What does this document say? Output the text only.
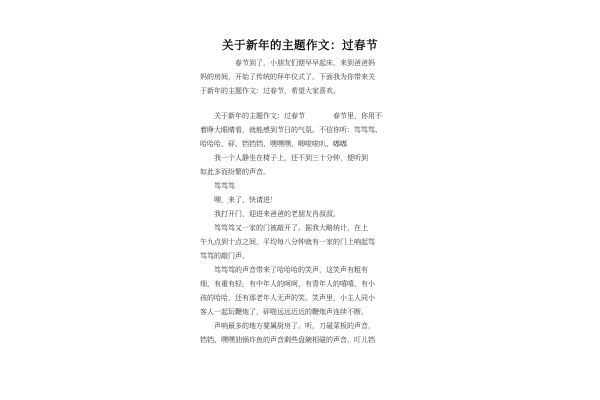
关于新年的主题作文：过春节
　　　　　春节到了，小朋友们便早早起床，来到爸爸妈
妈的房间，开始了传统的拜年仪式了。下面我为你带来关
于新年的主题作文：过春节，希望大家喜欢。
　　关于新年的主题作文：过春节　　　　春节里，你用不
着睁大眼睛看，就能感到节日的气氛。不信你听：笃笃笃、
哈哈哈、砰、铛铛铛、嘿嘿嘿、唧啦啦叭、嘟嘟
　　我一个人静坐在椅子上，还不到三十分钟，便听到
如此多而纷繁的声音。
　　笃笃笃
　　噢，来了，快请进！
　　我打开门，迎进来爸爸的老朋友肖叔叔。
　　笃笃笃又一家的门被敲开了。据我大略统计，在上
午九点到十点之间，平均每八分钟就有一家的门上响起笃
笃笃的敲门声。
　　笃笃笃的声音带来了哈哈哈的笑声，这笑声有粗有
细，有重有轻，有中年人的呵呵，有青年人的嘻嘻，有小
孩的哈哈，还有那老年人无声的笑。笑声里，小主人同小
客人一起玩鞭炮了，砰啪远远近近的鞭炮声连续不断。
　　声响最多的地方要属厨房了。听，刀碰菜板的声音，
铛铛、嘿嘿油锅炸鱼的声音剩些盘碗相碰的声音，叮儿铛
